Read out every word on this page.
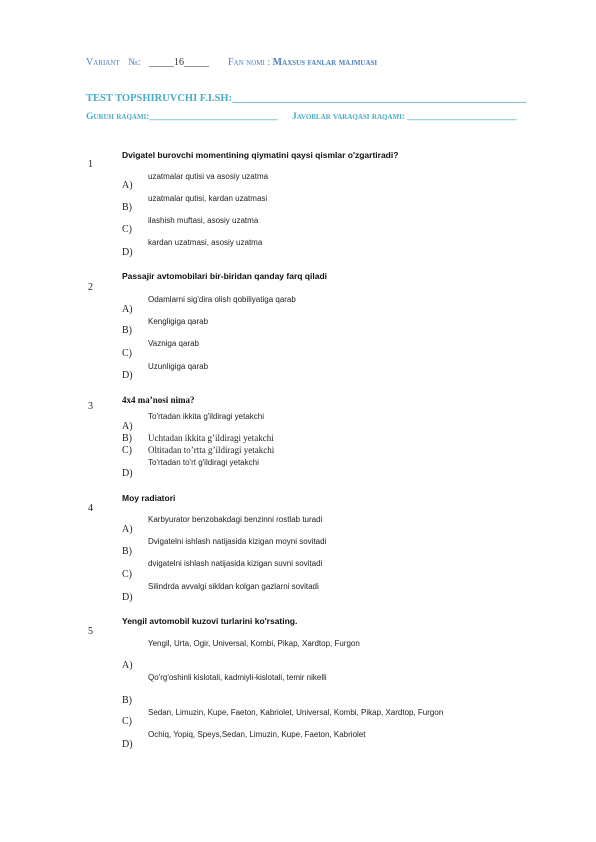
Variant №: _____16_____ Fan nomi : Maxsus fanlar majmuasi
TEST TOPSHIRUVCHI F.I.SH:________________________________________________________
Guruh raqami:___________________________ Javoblar varaqasi raqami: _______________________
Dvigatel burovchi momentining qiymatini qaysi qismlar o'zgartiradi?
1
uzatmalar qutisi va asosiy uzatma
A)
uzatmalar qutisi, kardan uzatmasi
B)
ilashish muftasi, asosiy uzatma
C)
kardan uzatmasi, asosiy uzatma
D)
Passajir avtomobilari bir-biridan qanday farq qiladi
2
Odamlarni sig'dira olish qobiliyatiga qarab
A)
Kengligiga qarab
B)
Vazniga qarab
C)
Uzunligiga qarab
D)
4x4 ma’nosi nima?
3
To'rtadan ikkita g'ildiragi yetakchi
A)
B) Uchtadan ikkita g’ildiragi yetakchi
C) Oltitadan to’rtta g’ildiragi yetakchi
To'rtadan to'rt g'ildiragi yetakchi
D)
Moy radiatori
4
Karbyurator benzobakdagi benzinni rostlab turadi
A)
Dvigatelni ishlash natijasida kizigan moyni sovitadi
B)
dvigatelni ishlash natijasida kizigan suvni sovitadi
C)
Silindrda avvalgi sikldan kolgan gazlarni sovitadi
D)
Yengil avtomobil kuzovi turlarini ko'rsating.
5
Yengil, Urta, Ogir, Universal, Kombi, Pikap, Xardtop, Furgon
A)
Qo'rg'oshinli kislotali, kadmiyli-kislotali, temir nikelli
B)
Sedan, Limuzin, Kupe, Faeton, Kabriolet, Universal, Kombi, Pikap, Xardtop, Furgon
C)
Ochiq, Yopiq, Speys,Sedan, Limuzin, Kupe, Faeton, Kabriolet
D)
